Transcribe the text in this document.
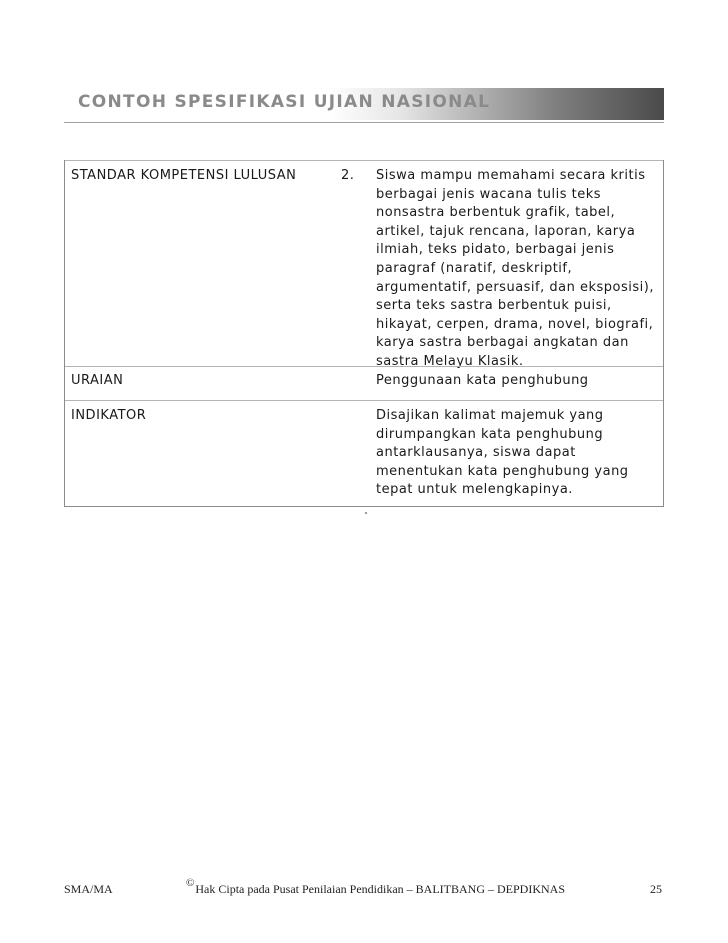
CONTOH SPESIFIKASI UJIAN NASIONAL
STANDAR KOMPETENSI LULUSAN	2. Siswa mampu memahami secara kritis berbagai jenis wacana tulis teks nonsastra berbentuk grafik, tabel, artikel, tajuk rencana, laporan, karya ilmiah, teks pidato, berbagai jenis paragraf (naratif, deskriptif, argumentatif, persuasif, dan eksposisi), serta teks sastra berbentuk puisi, hikayat, cerpen, drama, novel, biografi, karya sastra berbagai angkatan dan sastra Melayu Klasik.
URAIAN	Penggunaan kata penghubung
INDIKATOR	Disajikan kalimat majemuk yang dirumpangkan kata penghubung antarklausanya, siswa dapat menentukan kata penghubung yang tepat untuk melengkapinya.
SMA/MA	©Hak Cipta pada Pusat Penilaian Pendidikan – BALITBANG – DEPDIKNAS	25
